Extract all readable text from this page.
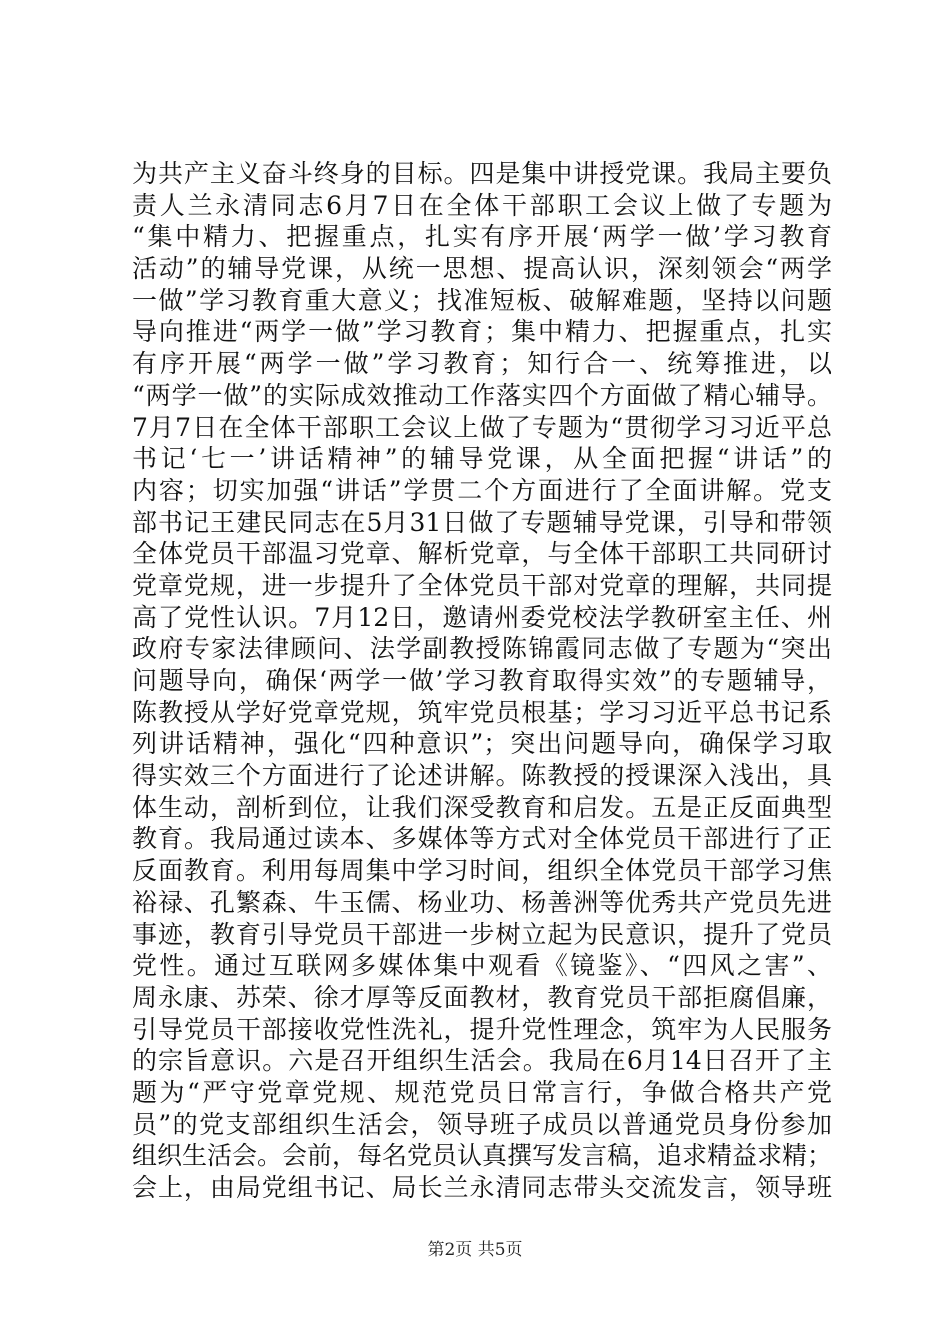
为共产主义奋斗终身的目标。四是集中讲授党课。我局主要负
责人兰永清同志6月7日在全体干部职工会议上做了专题为
“集中精力、把握重点，扎实有序开展‘两学一做’学习教育
活动”的辅导党课，从统一思想、提高认识，深刻领会“两学
一做”学习教育重大意义；找准短板、破解难题，坚持以问题
导向推进“两学一做”学习教育；集中精力、把握重点，扎实
有序开展“两学一做”学习教育；知行合一、统筹推进，以
“两学一做”的实际成效推动工作落实四个方面做了精心辅导。
7月7日在全体干部职工会议上做了专题为“贯彻学习习近平总
书记‘七一’讲话精神”的辅导党课，从全面把握“讲话”的
内容；切实加强“讲话”学贯二个方面进行了全面讲解。党支
部书记王建民同志在5月31日做了专题辅导党课，引导和带领
全体党员干部温习党章、解析党章，与全体干部职工共同研讨
党章党规，进一步提升了全体党员干部对党章的理解，共同提
高了党性认识。7月12日，邀请州委党校法学教研室主任、州
政府专家法律顾问、法学副教授陈锦霞同志做了专题为“突出
问题导向，确保‘两学一做’学习教育取得实效”的专题辅导，
陈教授从学好党章党规，筑牢党员根基；学习习近平总书记系
列讲话精神，强化“四种意识”；突出问题导向，确保学习取
得实效三个方面进行了论述讲解。陈教授的授课深入浅出，具
体生动，剖析到位，让我们深受教育和启发。五是正反面典型
教育。我局通过读本、多媒体等方式对全体党员干部进行了正
反面教育。利用每周集中学习时间，组织全体党员干部学习焦
裕禄、孔繁森、牛玉儒、杨业功、杨善洲等优秀共产党员先进
事迹，教育引导党员干部进一步树立起为民意识，提升了党员
党性。通过互联网多媒体集中观看《镜鉴》、“四风之害”、
周永康、苏荣、徐才厚等反面教材，教育党员干部拒腐倡廉，
引导党员干部接收党性洗礼，提升党性理念，筑牢为人民服务
的宗旨意识。六是召开组织生活会。我局在6月14日召开了主
题为“严守党章党规、规范党员日常言行，争做合格共产党
员”的党支部组织生活会，领导班子成员以普通党员身份参加
组织生活会。会前，每名党员认真撰写发言稿，追求精益求精；
会上，由局党组书记、局长兰永清同志带头交流发言，领导班
第2页 共5页
